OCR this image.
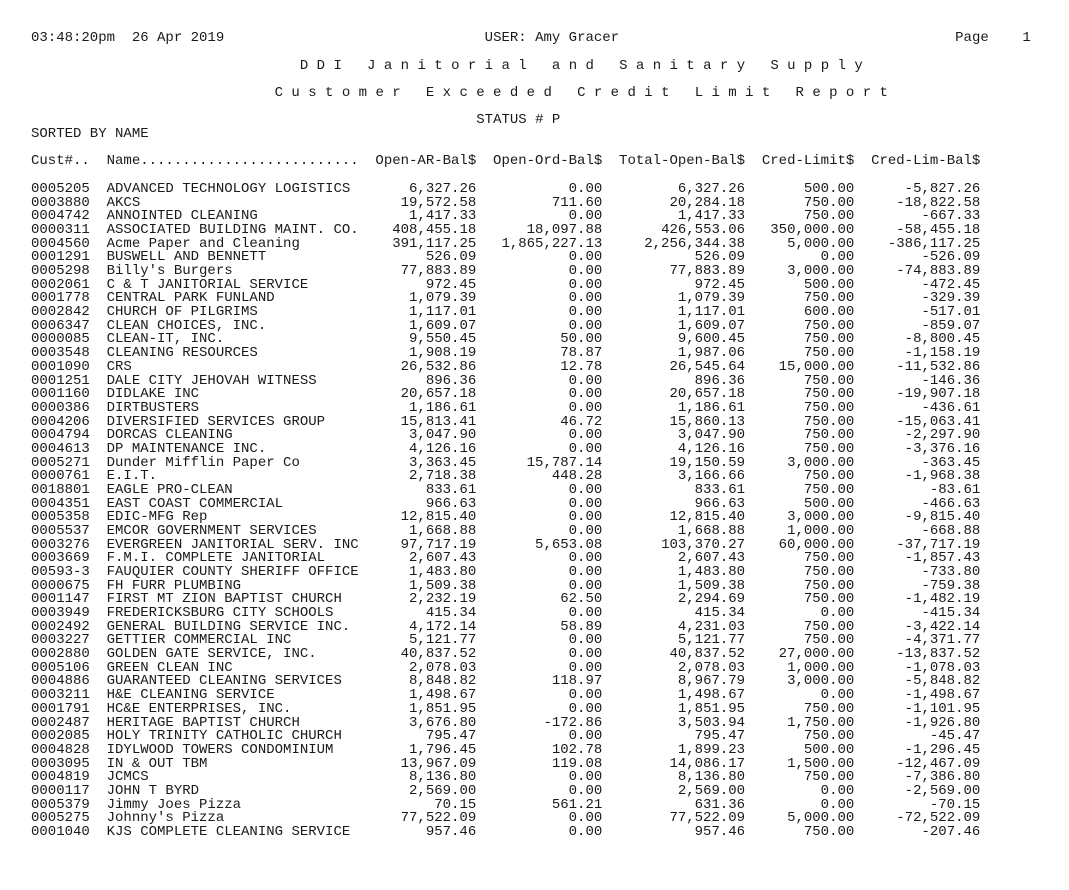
03:48:20pm  26 Apr 2019

	USER: Amy Gracer

	Page 1

DDI Janitorial and Sanitary Supply

Customer Exceeded Credit Limit Report

STATUS # P

SORTED BY NAME

Cust#..	Name..........................	Open-AR-Bal$	Open-Ord-Bal$	Total-Open-Bal$	Cred-Limit$	Cred-Lim-Bal$

0005205	ADVANCED TECHNOLOGY LOGISTICS	6,327.26	0.00	6,327.26	500.00	-5,827.26

0003880	AKCS	19,572.58	711.60	20,284.18	750.00	-18,822.58

0004742	ANNOINTED CLEANING	1,417.33	0.00	1,417.33	750.00	-667.33

0000311	ASSOCIATED BUILDING MAINT. CO.	408,455.18	18,097.88	426,553.06	350,000.00	-58,455.18

0004560	Acme Paper and Cleaning	391,117.25	1,865,227.13	2,256,344.38	5,000.00	-386,117.25

0001291	BUSWELL AND BENNETT	526.09	0.00	526.09	0.00	-526.09

0005298	Billy's Burgers	77,883.89	0.00	77,883.89	3,000.00	-74,883.89

0002061	C & T JANITORIAL SERVICE	972.45	0.00	972.45	500.00	-472.45

0001778	CENTRAL PARK FUNLAND	1,079.39	0.00	1,079.39	750.00	-329.39

0002842	CHURCH OF PILGRIMS	1,117.01	0.00	1,117.01	600.00	-517.01

0006347	CLEAN CHOICES, INC.	1,609.07	0.00	1,609.07	750.00	-859.07

0000085	CLEAN-IT, INC.	9,550.45	50.00	9,600.45	750.00	-8,800.45

0003548	CLEANING RESOURCES	1,908.19	78.87	1,987.06	750.00	-1,158.19

0001090	CRS	26,532.86	12.78	26,545.64	15,000.00	-11,532.86

0001251	DALE CITY JEHOVAH WITNESS	896.36	0.00	896.36	750.00	-146.36

0001160	DIDLAKE INC	20,657.18	0.00	20,657.18	750.00	-19,907.18

0000386	DIRTBUSTERS	1,186.61	0.00	1,186.61	750.00	-436.61

0004206	DIVERSIFIED SERVICES GROUP	15,813.41	46.72	15,860.13	750.00	-15,063.41

0004794	DORCAS CLEANING	3,047.90	0.00	3,047.90	750.00	-2,297.90

0004613	DP MAINTENANCE INC.	4,126.16	0.00	4,126.16	750.00	-3,376.16

0005271	Dunder Mifflin Paper Co	3,363.45	15,787.14	19,150.59	3,000.00	-363.45

0000761	E.I.T.	2,718.38	448.28	3,166.66	750.00	-1,968.38

0018801	EAGLE PRO-CLEAN	833.61	0.00	833.61	750.00	-83.61

0004351	EAST COAST COMMERCIAL	966.63	0.00	966.63	500.00	-466.63

0005358	EDIC-MFG Rep	12,815.40	0.00	12,815.40	3,000.00	-9,815.40

0005537	EMCOR GOVERNMENT SERVICES	1,668.88	0.00	1,668.88	1,000.00	-668.88

0003276	EVERGREEN JANITORIAL SERV. INC	97,717.19	5,653.08	103,370.27	60,000.00	-37,717.19

0003669	F.M.I. COMPLETE JANITORIAL	2,607.43	0.00	2,607.43	750.00	-1,857.43

00593-3	FAUQUIER COUNTY SHERIFF OFFICE	1,483.80	0.00	1,483.80	750.00	-733.80

0000675	FH FURR PLUMBING	1,509.38	0.00	1,509.38	750.00	-759.38

0001147	FIRST MT ZION BAPTIST CHURCH	2,232.19	62.50	2,294.69	750.00	-1,482.19

0003949	FREDERICKSBURG CITY SCHOOLS	415.34	0.00	415.34	0.00	-415.34

0002492	GENERAL BUILDING SERVICE INC.	4,172.14	58.89	4,231.03	750.00	-3,422.14

0003227	GETTIER COMMERCIAL INC	5,121.77	0.00	5,121.77	750.00	-4,371.77

0002880	GOLDEN GATE SERVICE, INC.	40,837.52	0.00	40,837.52	27,000.00	-13,837.52

0005106	GREEN CLEAN INC	2,078.03	0.00	2,078.03	1,000.00	-1,078.03

0004886	GUARANTEED CLEANING SERVICES	8,848.82	118.97	8,967.79	3,000.00	-5,848.82

0003211	H&E CLEANING SERVICE	1,498.67	0.00	1,498.67	0.00	-1,498.67

0001791	HC&E ENTERPRISES, INC.	1,851.95	0.00	1,851.95	750.00	-1,101.95

0002487	HERITAGE BAPTIST CHURCH	3,676.80	-172.86	3,503.94	1,750.00	-1,926.80

0002085	HOLY TRINITY CATHOLIC CHURCH	795.47	0.00	795.47	750.00	-45.47

0004828	IDYLWOOD TOWERS CONDOMINIUM	1,796.45	102.78	1,899.23	500.00	-1,296.45

0003095	IN & OUT TBM	13,967.09	119.08	14,086.17	1,500.00	-12,467.09

0004819	JCMCS	8,136.80	0.00	8,136.80	750.00	-7,386.80

0000117	JOHN T BYRD	2,569.00	0.00	2,569.00	0.00	-2,569.00

0005379	Jimmy Joes Pizza	70.15	561.21	631.36	0.00	-70.15

0005275	Johnny's Pizza	77,522.09	0.00	77,522.09	5,000.00	-72,522.09

0001040	KJS COMPLETE CLEANING SERVICE	957.46	0.00	957.46	750.00	-207.46
